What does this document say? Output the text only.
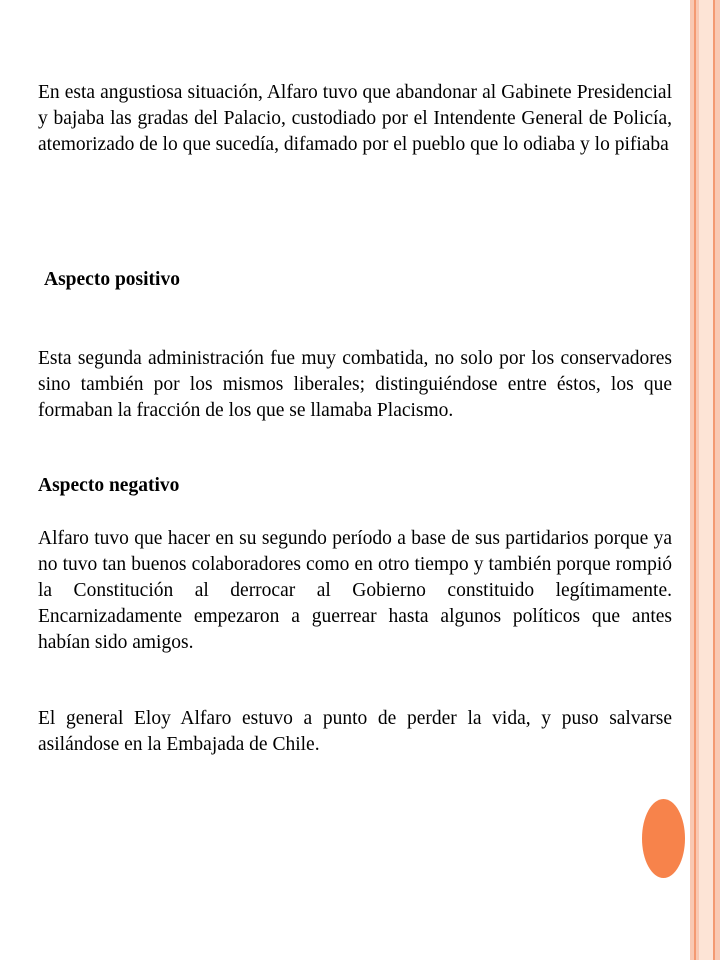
En esta angustiosa situación, Alfaro tuvo que abandonar al Gabinete Presidencial y bajaba las gradas del Palacio, custodiado por el Intendente General de Policía, atemorizado de lo que sucedía, difamado por el pueblo que lo odiaba y lo pifiaba

Aspecto positivo

Esta segunda administración fue muy combatida, no solo por los conservadores sino también por los mismos liberales; distinguiéndose entre éstos, los que formaban la fracción de los que se llamaba Placismo.

Aspecto negativo

Alfaro tuvo que hacer en su segundo período a base de sus partidarios porque ya no tuvo tan buenos colaboradores como en otro tiempo y también porque rompió la Constitución al derrocar al Gobierno constituido legítimamente. Encarnizadamente empezaron a guerrear hasta algunos políticos que antes habían sido amigos.

El general Eloy Alfaro estuvo a punto de perder la vida, y puso salvarse asilándose en la Embajada de Chile.
